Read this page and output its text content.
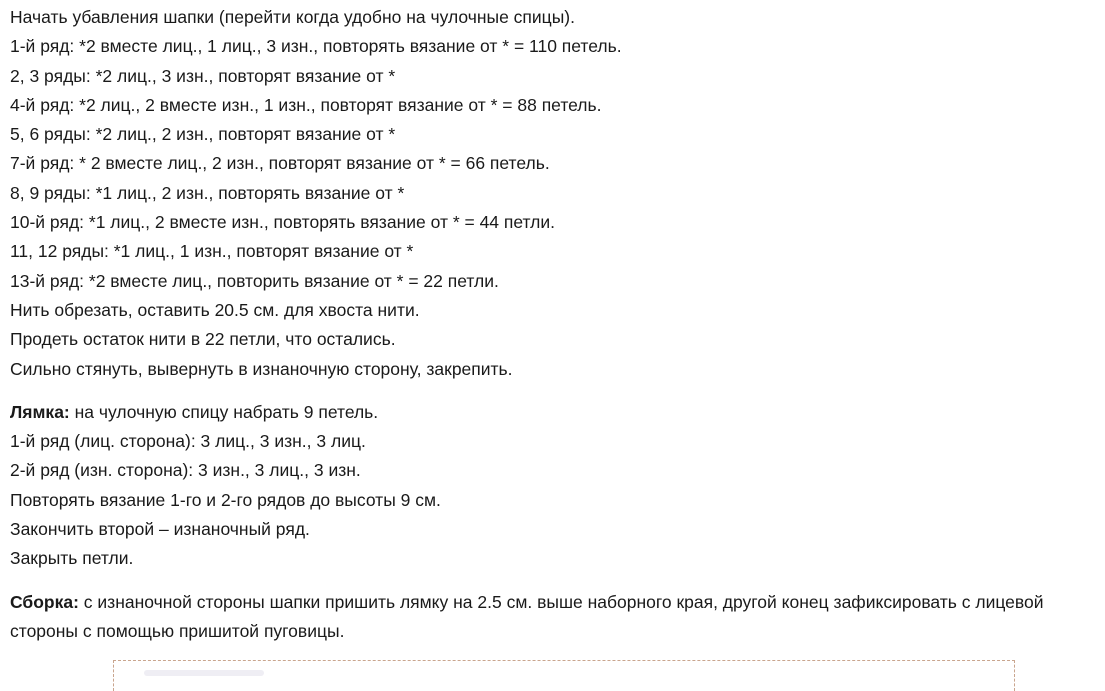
Начать убавления шапки (перейти когда удобно на чулочные спицы).

1-й ряд: *2 вместе лиц., 1 лиц., 3 изн., повторять вязание от * = 110 петель.

2, 3 ряды: *2 лиц., 3 изн., повторят вязание от *

4-й ряд: *2 лиц., 2 вместе изн., 1 изн., повторят вязание от * = 88 петель.

5, 6 ряды: *2 лиц., 2 изн., повторят вязание от *

7-й ряд: * 2 вместе лиц., 2 изн., повторят вязание от * = 66 петель.

8, 9 ряды: *1 лиц., 2 изн., повторять вязание от *

10-й ряд: *1 лиц., 2 вместе изн., повторять вязание от * = 44 петли.

11, 12 ряды: *1 лиц., 1 изн., повторят вязание от *

13-й ряд: *2 вместе лиц., повторить вязание от * = 22 петли.

Нить обрезать, оставить 20.5 см. для хвоста нити.

Продеть остаток нити в 22 петли, что остались.

Сильно стянуть, вывернуть в изнаночную сторону, закрепить.

Лямка: на чулочную спицу набрать 9 петель.

1-й ряд (лиц. сторона): 3 лиц., 3 изн., 3 лиц.

2-й ряд (изн. сторона): 3 изн., 3 лиц., 3 изн.

Повторять вязание 1-го и 2-го рядов до высоты 9 см.

Закончить второй – изнаночный ряд.

Закрыть петли.

Сборка: с изнаночной стороны шапки пришить лямку на 2.5 см. выше наборного края, другой конец зафиксировать с лицевой стороны с помощью пришитой пуговицы.
